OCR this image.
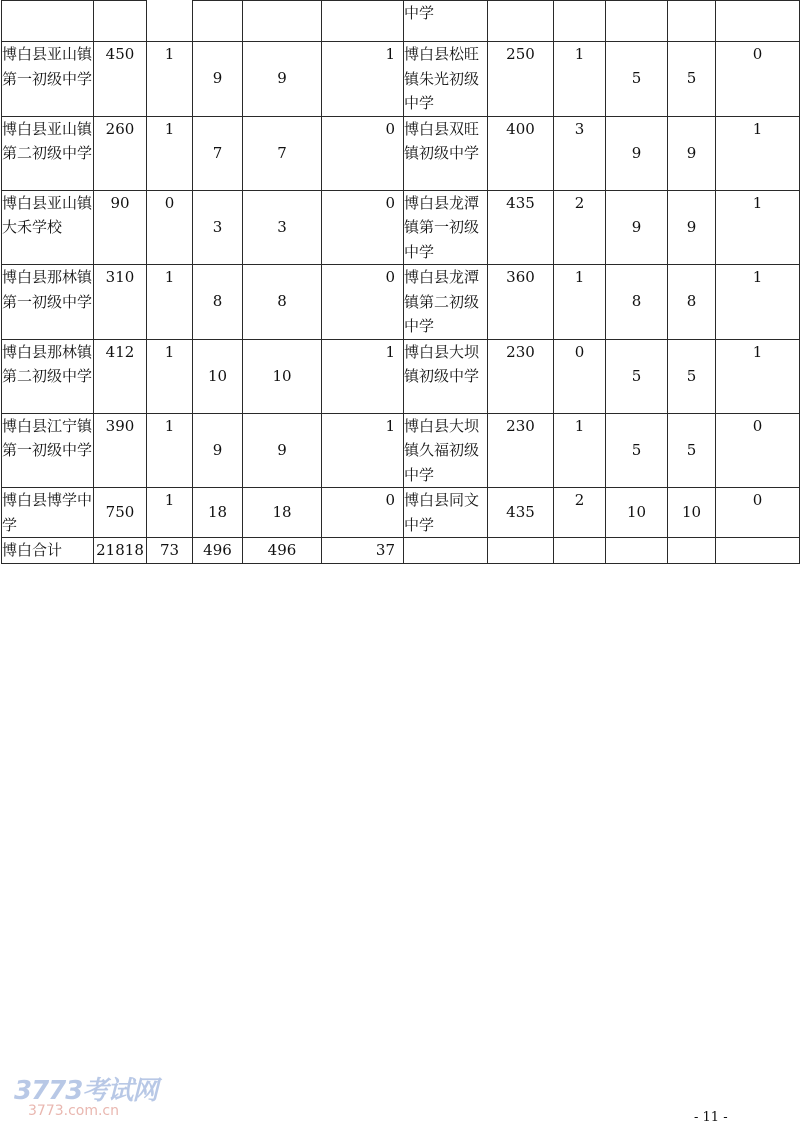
						中学					
博白县亚山镇第一初级中学	450	1	9	9	1	博白县松旺镇朱光初级中学	250	1	5	5	0
博白县亚山镇第二初级中学	260	1	7	7	0	博白县双旺镇初级中学	400	3	9	9	1
博白县亚山镇大禾学校	90	0	3	3	0	博白县龙潭镇第一初级中学	435	2	9	9	1
博白县那林镇第一初级中学	310	1	8	8	0	博白县龙潭镇第二初级中学	360	1	8	8	1
博白县那林镇第二初级中学	412	1	10	10	1	博白县大坝镇初级中学	230	0	5	5	1
博白县江宁镇第一初级中学	390	1	9	9	1	博白县大坝镇久福初级中学	230	1	5	5	0
博白县博学中学	750	1	18	18	0	博白县同文中学	435	2	10	10	0
博白合计	21818	73	496	496	37						
3773考试网
3773.com.cn	- 11 -
